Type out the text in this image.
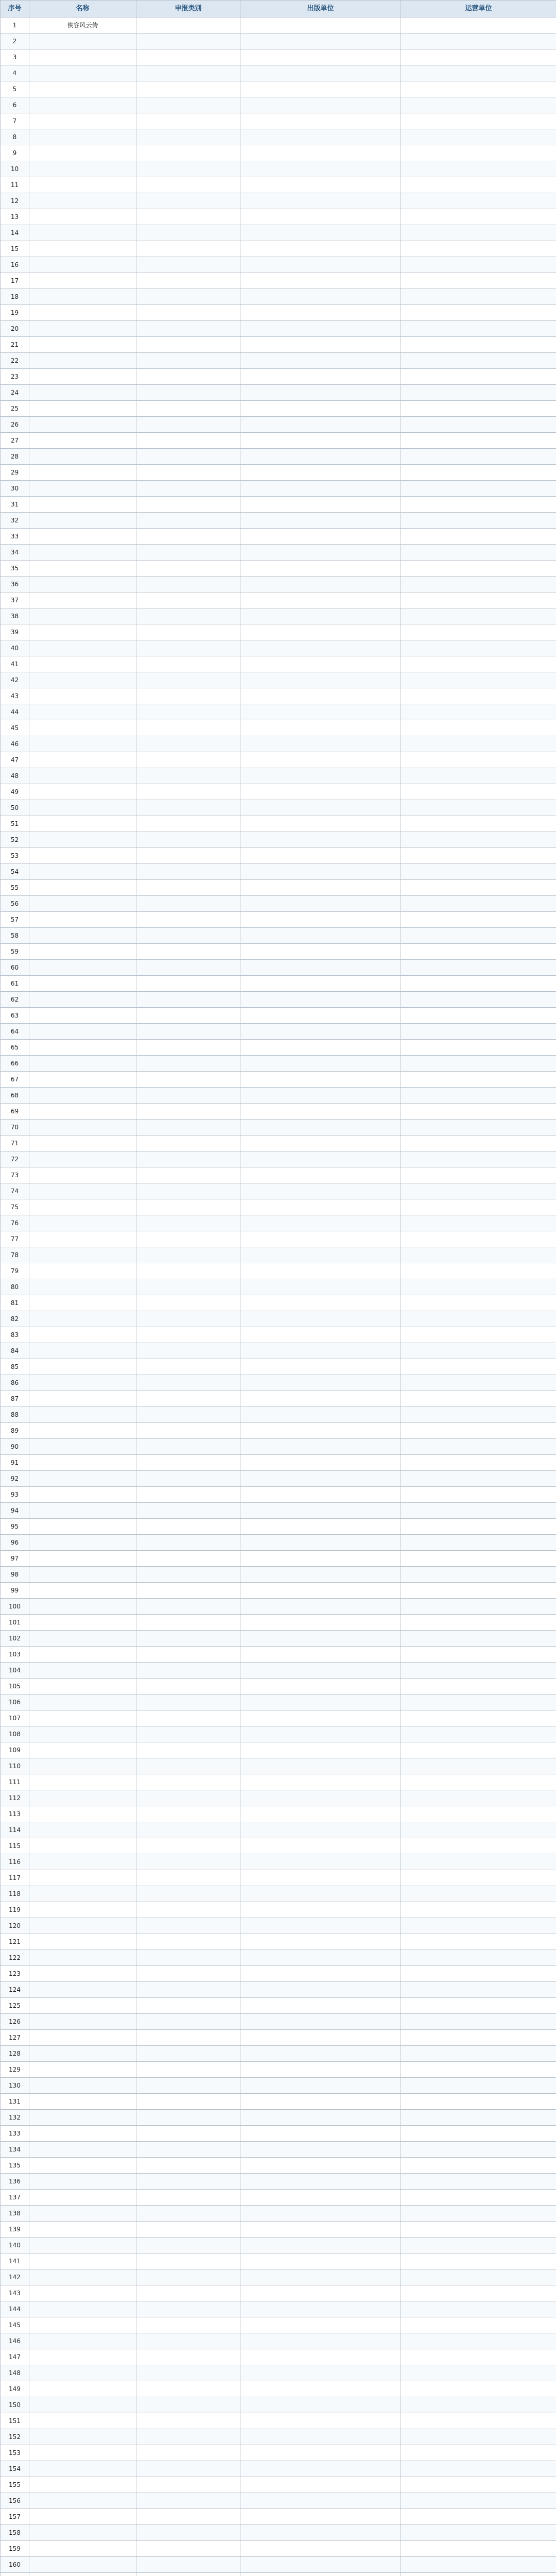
序号	名称	申报类别	出版单位	运营单位
1	侠客风云传			
2				
3				
4				
5				
6				
7				
8				
9				
10				
11				
12				
13				
14				
15				
16				
17				
18				
19				
20				
21				
22				
23				
24				
25				
26				
27				
28				
29				
30				
31				
32				
33				
34				
35				
36				
37				
38				
39				
40				
41				
42				
43				
44				
45				
46				
47				
48				
49				
50				
51				
52				
53				
54				
55				
56				
57				
58				
59				
60				
61				
62				
63				
64				
65				
66				
67				
68				
69				
70				
71				
72				
73				
74				
75				
76				
77				
78				
79				
80				
81				
82				
83				
84				
85				
86				
87				
88				
89				
90				
91				
92				
93				
94				
95				
96				
97				
98				
99				
100				
101				
102				
103				
104				
105				
106				
107				
108				
109				
110				
111				
112				
113				
114				
115				
116				
117				
118				
119				
120				
121				
122				
123				
124				
125				
126				
127				
128				
129				
130				
131				
132				
133				
134				
135				
136				
137				
138				
139				
140				
141				
142				
143				
144				
145				
146				
147				
148				
149				
150				
151				
152				
153				
154				
155				
156				
157				
158				
159				
160				
